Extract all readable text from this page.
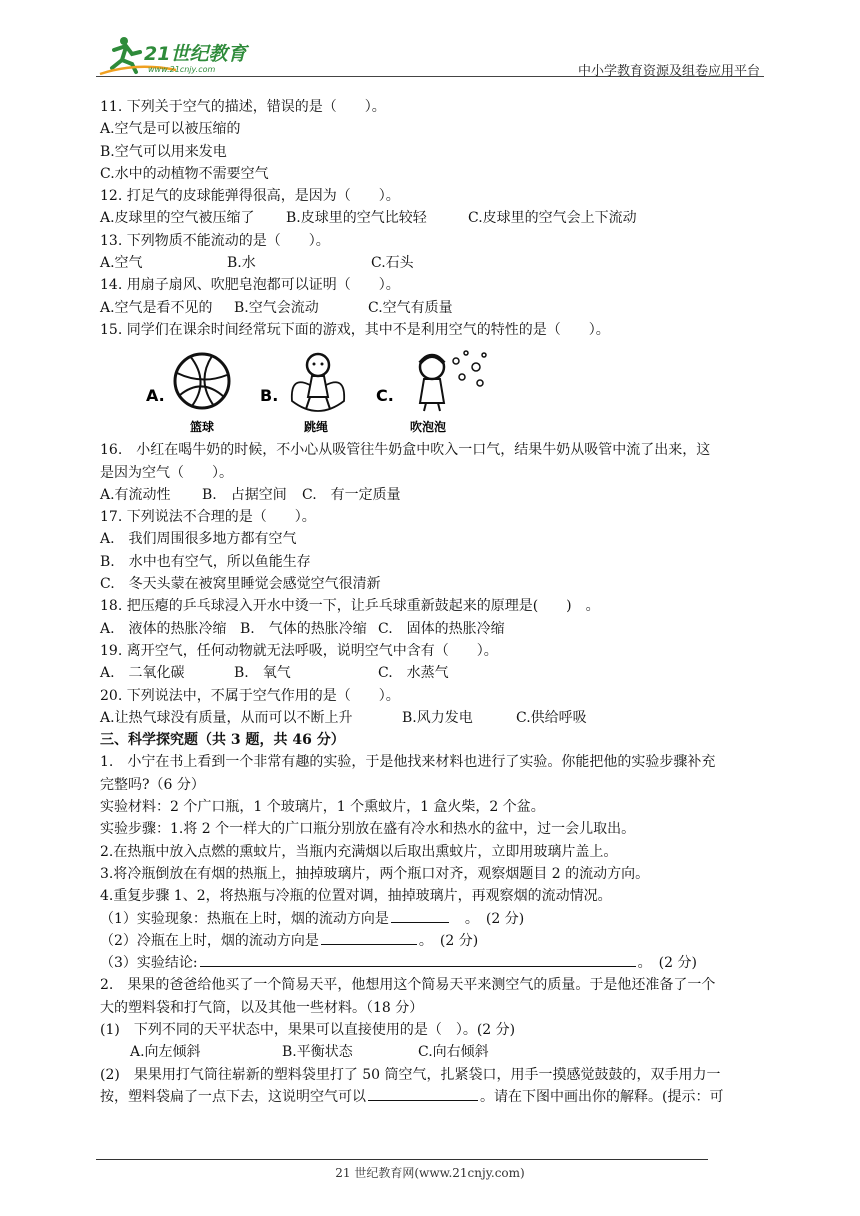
21世纪教育
www.21cnjy.com	中小学教育资源及组卷应用平台
11. 下列关于空气的描述，错误的是（　　）。
A.空气是可以被压缩的
B.空气可以用来发电
C.水中的动植物不需要空气
12. 打足气的皮球能弹得很高，是因为（　　）。
A.皮球里的空气被压缩了	B.皮球里的空气比较轻	C.皮球里的空气会上下流动
13. 下列物质不能流动的是（　　）。
A.空气	B.水	C.石头
14. 用扇子扇风、吹肥皂泡都可以证明（　　）。
A.空气是看不见的	B.空气会流动	C.空气有质量
15. 同学们在课余时间经常玩下面的游戏，其中不是利用空气的特性的是（　　）。
A.
篮球
B.
跳绳
C.
吹泡泡
16.　小红在喝牛奶的时候，不小心从吸管往牛奶盒中吹入一口气，结果牛奶从吸管中流了出来，这
是因为空气（　　）。
A.有流动性	B.　占据空间	C.　有一定质量
17. 下列说法不合理的是（　　）。
A.　我们周围很多地方都有空气
B.　水中也有空气，所以鱼能生存
C.　冬天头蒙在被窝里睡觉会感觉空气很清新
18. 把压瘪的乒乓球浸入开水中烫一下，让乒乓球重新鼓起来的原理是(　　)　。
A.　液体的热胀冷缩 B.　气体的热胀冷缩 C.　固体的热胀冷缩
19. 离开空气，任何动物就无法呼吸，说明空气中含有（　　）。
A.　二氧化碳	B.　氧气	C.　水蒸气
20. 下列说法中，不属于空气作用的是（　　）。
A.让热气球没有质量，从而可以不断上升	B.风力发电	C.供给呼吸
三、科学探究题（共 3 题，共 46 分）
1.　小宁在书上看到一个非常有趣的实验，于是他找来材料也进行了实验。你能把他的实验步骤补充
完整吗?（6 分）
实验材料：2 个广口瓶，1 个玻璃片，1 个熏蚊片，1 盒火柴，2 个盆。
实验步骤：1.将 2 个一样大的广口瓶分别放在盛有冷水和热水的盆中，过一会儿取出。
2.在热瓶中放入点燃的熏蚊片，当瓶内充满烟以后取出熏蚊片，立即用玻璃片盖上。
3.将冷瓶倒放在有烟的热瓶上，抽掉玻璃片，两个瓶口对齐，观察烟题目 2 的流动方向。
4.重复步骤 1、2，将热瓶与冷瓶的位置对调，抽掉玻璃片，再观察烟的流动情况。
（1）实验现象：热瓶在上时，烟的流动方向是	　。　(2 分)
（2）冷瓶在上时，烟的流动方向是	。　(2 分)
（3）实验结论:	。　(2 分)
2.　果果的爸爸给他买了一个简易天平，他想用这个简易天平来测空气的质量。于是他还准备了一个
大的塑料袋和打气筒，以及其他一些材料。（18 分）
(1)　下列不同的天平状态中，果果可以直接使用的是（　）。(2 分)
A.向左倾斜	B.平衡状态	C.向右倾斜
(2)　果果用打气筒往崭新的塑料袋里打了 50 筒空气，扎紧袋口，用手一摸感觉鼓鼓的，双手用力一
按，塑料袋扁了一点下去，这说明空气可以	。请在下图中画出你的解释。(提示：可
21 世纪教育网(www.21cnjy.com)
